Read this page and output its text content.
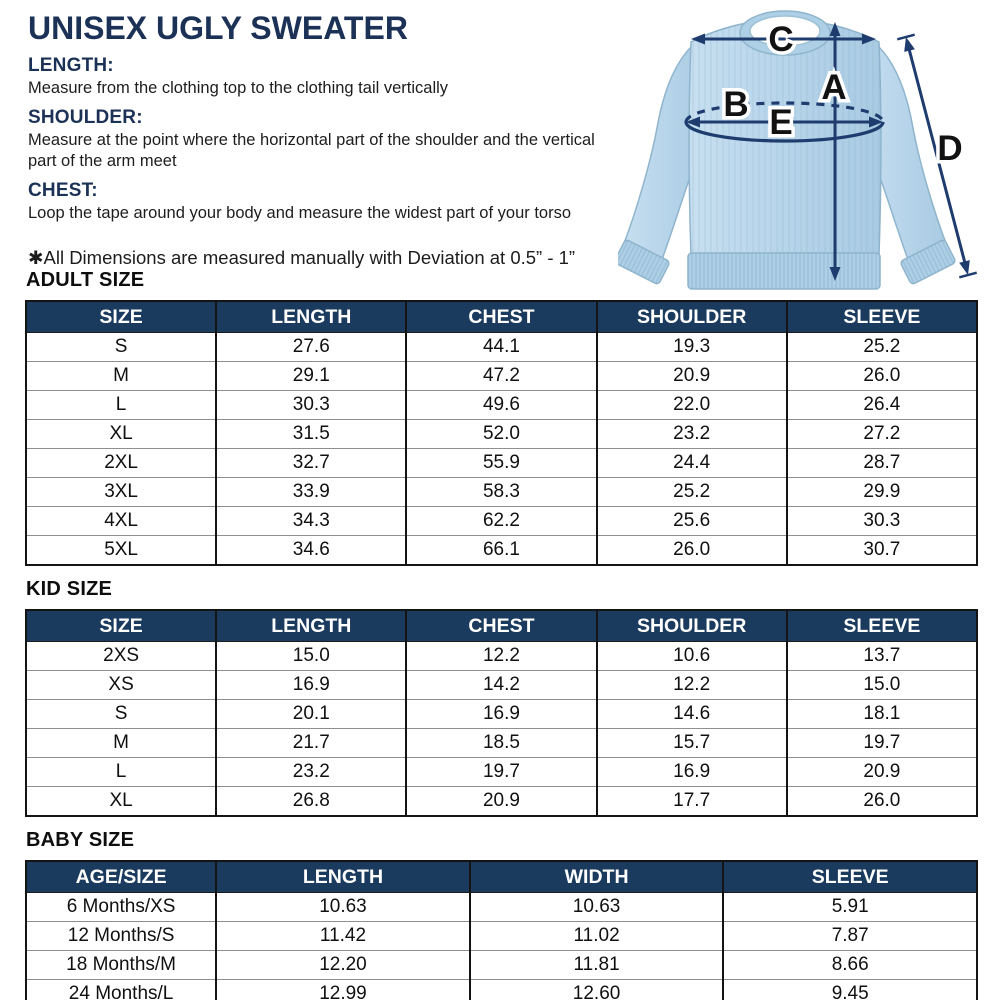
UNISEX UGLY SWEATER

LENGTH:

Measure from the clothing top to the clothing tail vertically

SHOULDER:

Measure at the point where the horizontal part of the shoulder and the vertical part of the arm meet

CHEST:

Loop the tape around your body and measure the widest part of your torso

✱All Dimensions are measured manually with Deviation at 0.5” - 1”

C
A
B E
D
ADULT SIZE
SIZE	LENGTH	CHEST	SHOULDER	SLEEVE
S	27.6	44.1	19.3	25.2
M	29.1	47.2	20.9	26.0
L	30.3	49.6	22.0	26.4
XL	31.5	52.0	23.2	27.2
2XL	32.7	55.9	24.4	28.7
3XL	33.9	58.3	25.2	29.9
4XL	34.3	62.2	25.6	30.3
5XL	34.6	66.1	26.0	30.7
KID SIZE
SIZE	LENGTH	CHEST	SHOULDER	SLEEVE
2XS	15.0	12.2	10.6	13.7
XS	16.9	14.2	12.2	15.0
S	20.1	16.9	14.6	18.1
M	21.7	18.5	15.7	19.7
L	23.2	19.7	16.9	20.9
XL	26.8	20.9	17.7	26.0
BABY SIZE
AGE/SIZE	LENGTH	WIDTH	SLEEVE
6 Months/XS	10.63	10.63	5.91
12 Months/S	11.42	11.02	7.87
18 Months/M	12.20	11.81	8.66
24 Months/L	12.99	12.60	9.45
